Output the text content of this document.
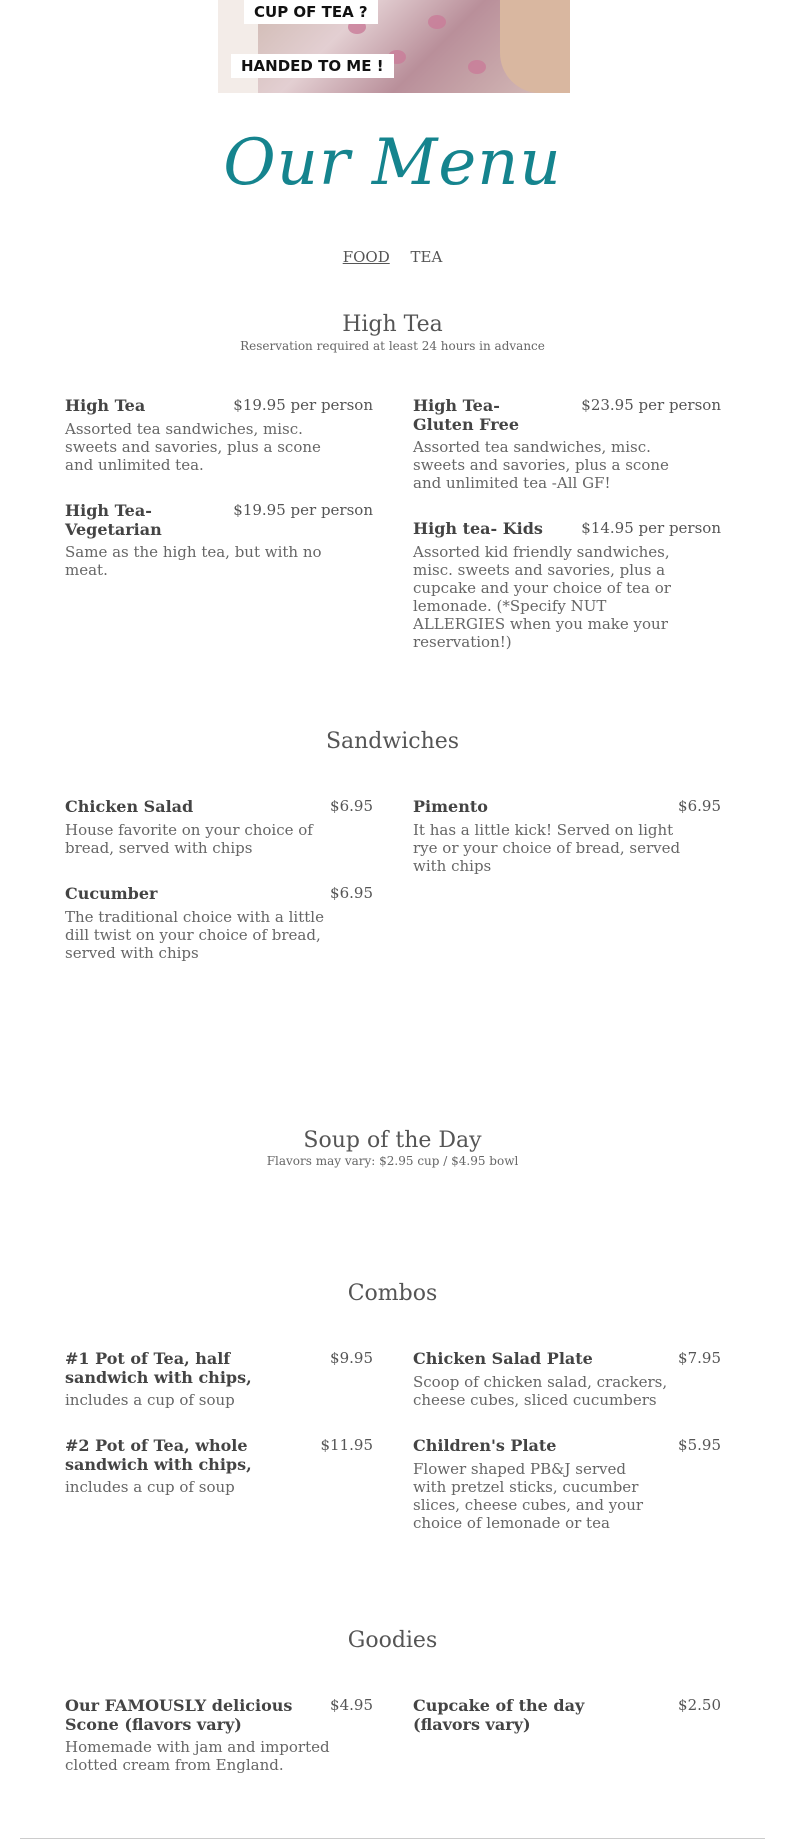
CUP OF TEA ?
HANDED TO ME !
Our Menu
FOOD TEA
High Tea
Reservation required at least 24 hours in advance
High Tea	$19.95 per person
Assorted tea sandwiches, misc. sweets and savories, plus a scone and unlimited tea.
High Tea- Gluten Free
$23.95 per person
Assorted tea sandwiches, misc. sweets and savories, plus a scone and unlimited tea -All GF!
High Tea- Vegetarian
$19.95 per person
Same as the high tea, but with no meat.
High tea- Kids	$14.95 per person
Assorted kid friendly sandwiches, misc. sweets and savories, plus a cupcake and your choice of tea or lemonade. (*Specify NUT ALLERGIES when you make your reservation!)
Sandwiches
Chicken Salad	$6.95
House favorite on your choice of bread, served with chips
Pimento	$6.95
It has a little kick! Served on light rye or your choice of bread, served with chips
Cucumber	$6.95
The traditional choice with a little dill twist on your choice of bread, served with chips
Soup of the Day
Flavors may vary: $2.95 cup / $4.95 bowl
Combos
#1 Pot of Tea, half sandwich with chips,
$9.95
includes a cup of soup
Chicken Salad Plate	$7.95
Scoop of chicken salad, crackers, cheese cubes, sliced cucumbers
#2 Pot of Tea, whole sandwich with chips,
$11.95
includes a cup of soup
Children's Plate	$5.95
Flower shaped PB&J served with pretzel sticks, cucumber slices, cheese cubes, and your choice of lemonade or tea
Goodies
Our FAMOUSLY delicious Scone (flavors vary)
$4.95
Homemade with jam and imported clotted cream from England.
Cupcake of the day (flavors vary)
$2.50
